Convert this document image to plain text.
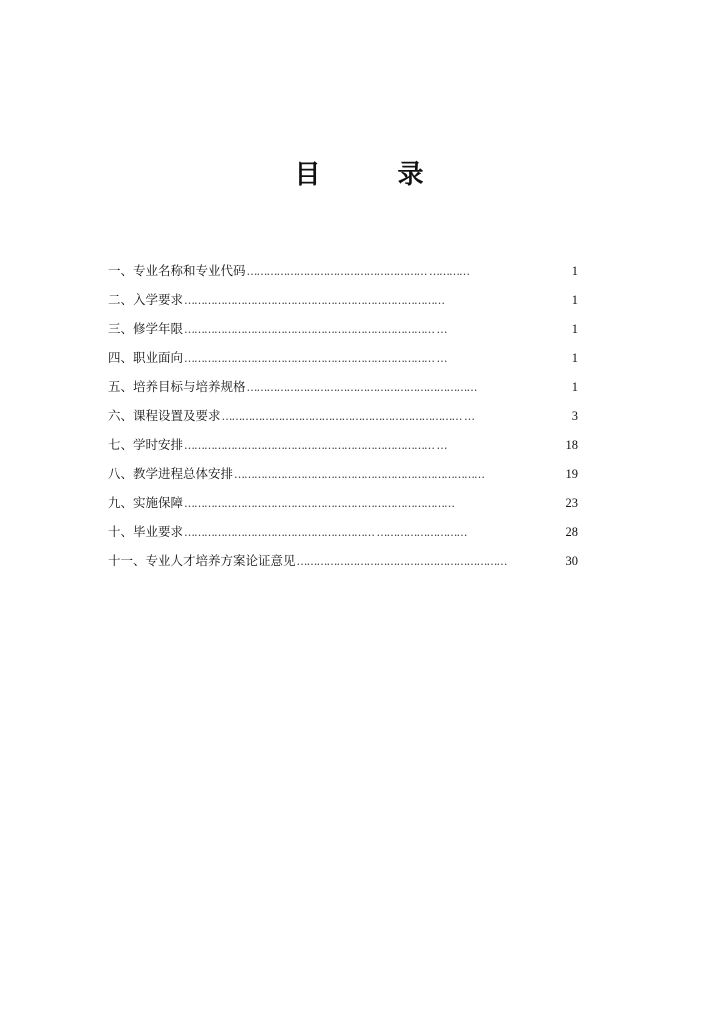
目 录
一、专业名称和专业代码 ……………………………………………… …………	1
二、入学要求 ……………………………………………………………………	1
三、修学年限 ………………………………………………………………… …	1
四、职业面向 ………………………………………………………………… …	1
五、培养目标与培养规格 ……………………………………………………………	1
六、课程设置及要求 ……………………………………………………………… …	3
七、学时安排 ………………………………………………………………… …	18
八、教学进程总体安排 …………………………………………………………………	19
九、实施保障 ………………………………………………………………………	23
十、毕业要求 ………………………………………………… ………………………	28
十一、专业人才培养方案论证意见 ………………………………………………………	30
